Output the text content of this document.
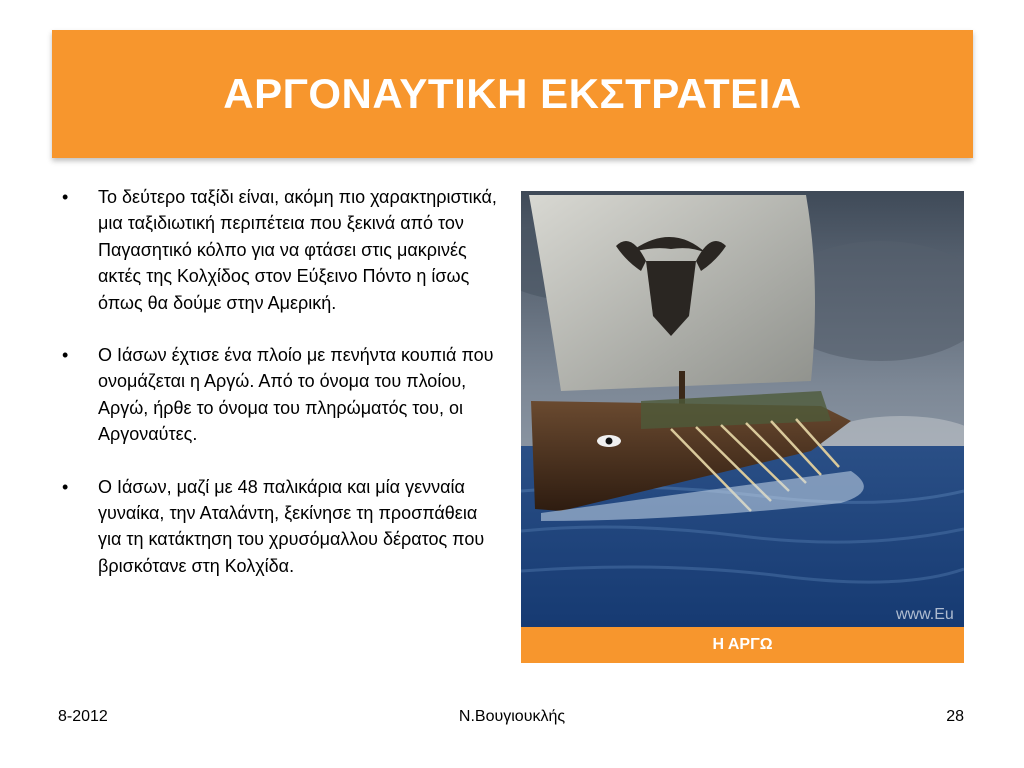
ΑΡΓΟΝΑΥΤΙΚΗ ΕΚΣΤΡΑΤΕΙΑ
• Το δεύτερο ταξίδι είναι, ακόμη πιο χαρακτηριστικά, μια ταξιδιωτική περιπέτεια που ξεκινά από τον Παγασητικό κόλπο για να φτάσει στις μακρινές ακτές της Κολχίδος στον Εύξεινο Πόντο η ίσως όπως θα δούμε στην Αμερική.
• Ο Ιάσων έχτισε ένα πλοίο με πενήντα κουπιά που ονομάζεται η Αργώ. Από το όνομα του πλοίου, Αργώ, ήρθε το όνομα του πληρώματός του, οι Αργοναύτες.
• Ο Ιάσων, μαζί με 48 παλικάρια και μία γενναία γυναίκα, την Αταλάντη, ξεκίνησε τη προσπάθεια για τη κατάκτηση του χρυσόμαλλου δέρατος που βρισκότανε στη Κολχίδα.
www.Eu
Η ΑΡΓΩ
8-2012	Ν.Βουγιουκλής	28
